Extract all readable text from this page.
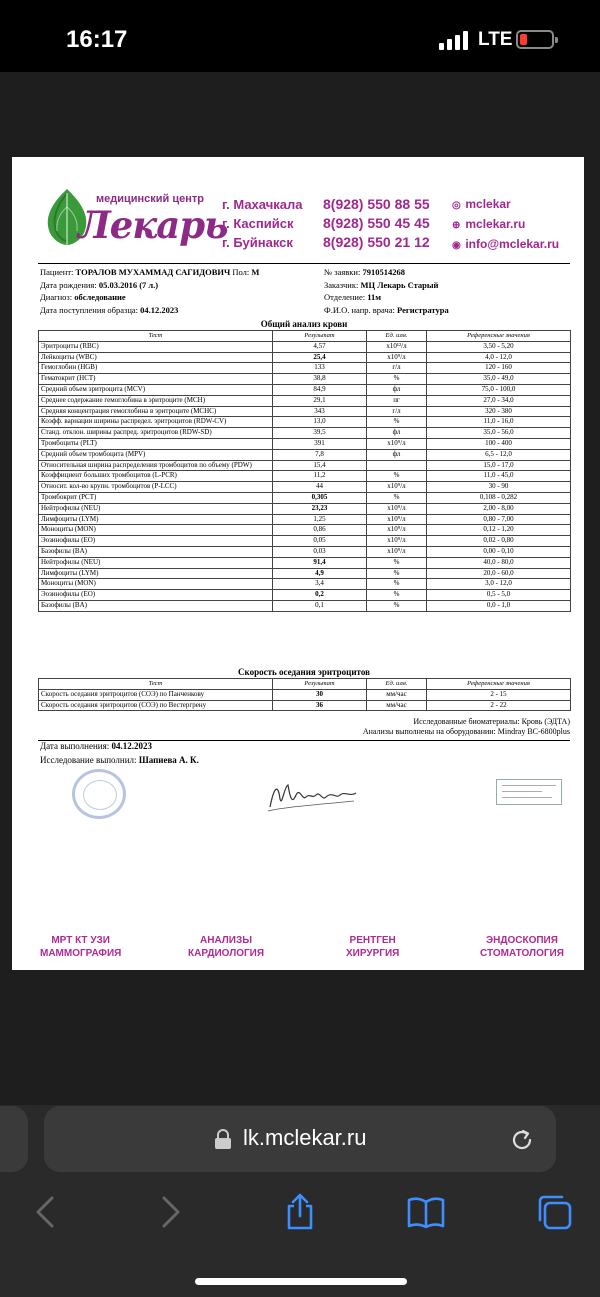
16:17	LTE
медицинский центр
Лекарь
г. Махачкала
г. Каспийск
г. Буйнакск
8(928) 550 88 55
8(928) 550 45 45
8(928) 550 21 12
◎ mclekar
⊕ mclekar.ru
◉ info@mclekar.ru
Пациент: ТОРАЛОВ МУХАММАД САГИДОВИЧ Пол: М
Дата рождения: 05.03.2016 (7 л.)
Диагноз: обследование
Дата поступления образца: 04.12.2023
№ заявки: 7910514268
Заказчик: МЦ Лекарь Старый
Отделение: 11м
Ф.И.О. напр. врача: Регистратура
Общий анализ крови
Тест	Результат	Ед. изм.	Референсные значения
Эритроциты (RBC)	4,57	х10¹²/л	3,50 - 5,20
Лейкоциты (WBC)	25,4	х10⁹/л	4,0 - 12,0
Гемоглобин (HGB)	133	г/л	120 - 160
Гематокрит (HCT)	38,8	%	35,0 - 49,0
Средний объем эритроцита (MCV)	84,9	фл	75,0 - 100,0
Среднее содержание гемоглобина в эритроците (MCH)	29,1	пг	27,0 - 34,0
Средняя концентрация гемоглобина в эритроците (MCHC)	343	г/л	320 - 380
Коэфф. вариации ширины распредел. эритроцитов (RDW-CV)	13,0	%	11,0 - 16,0
Станд. отклон. ширины распред. эритроцитов (RDW-SD)	39,5	фл	35,0 - 56,0
Тромбоциты (PLT)	391	х10⁹/л	100 - 400
Средний объем тромбоцита (MPV)	7,8	фл	6,5 - 12,0
Относительная ширина распределения тромбоцитов по объему (PDW)	15,4		15,0 - 17,0
Коэффициент больших тромбоцитов (L-PCR)	11,2	%	11,0 - 45,0
Относит. кол-во крупн. тромбоцитов (P-LCC)	44	х10⁹/л	30 - 90
Тромбокрит (PCT)	0,305	%	0,108 - 0,282
Нейтрофилы (NEU)	23,23	х10⁹/л	2,00 - 8,00
Лимфоциты (LYM)	1,25	х10⁹/л	0,80 - 7,00
Моноциты (MON)	0,86	х10⁹/л	0,12 - 1,20
Эозинофилы (EO)	0,05	х10⁹/л	0,02 - 0,80
Базофилы (BA)	0,03	х10⁹/л	0,00 - 0,10
Нейтрофилы (NEU)	91,4	%	40,0 - 80,0
Лимфоциты (LYM)	4,9	%	20,0 - 60,0
Моноциты (MON)	3,4	%	3,0 - 12,0
Эозинофилы (EO)	0,2	%	0,5 - 5,0
Базофилы (BA)	0,1	%	0,0 - 1,0
Скорость оседания эритроцитов
Тест	Результат	Ед. изм.	Референсные значения
Скорость оседания эритроцитов (СОЭ) по Панченкову	30	мм/час	2 - 15
Скорость оседания эритроцитов (СОЭ) по Вестергрену	36	мм/час	2 - 22
Исследованные биоматериалы: Кровь (ЭДТА)
Анализы выполнены на оборудовании: Mindray BC-6800plus
Дата выполнения: 04.12.2023
Исследование выполнил: Шапиева А. К.
МРТ КТ УЗИ
МАММОГРАФИЯ
АНАЛИЗЫ
КАРДИОЛОГИЯ
РЕНТГЕН
ХИРУРГИЯ
ЭНДОСКОПИЯ
СТОМАТОЛОГИЯ
lk.mclekar.ru
